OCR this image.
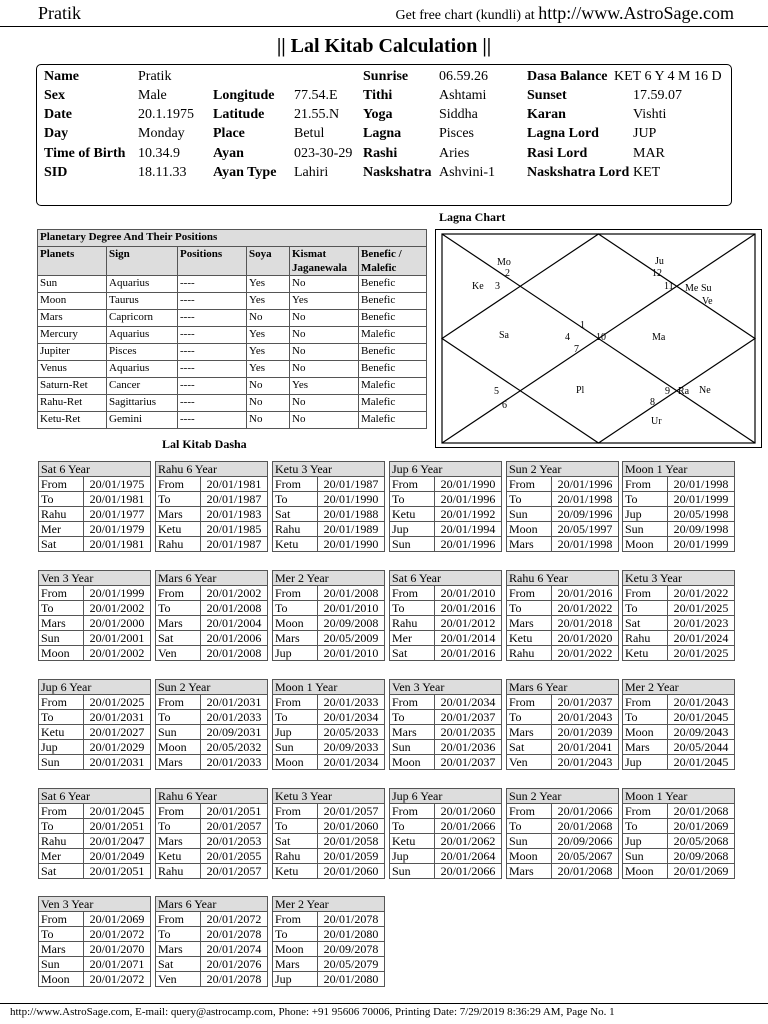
Pratik	Get free chart (kundli) at http://www.AstroSage.com
|| Lal Kitab Calculation ||
Name	Pratik
Sex	Male
Date	20.1.1975
Day	Monday
Time of Birth 10.34.9
SID	18.11.33
Longitude 77.54.E
Latitude 21.55.N
Place	Betul
Ayan	023-30-29
Ayan Type Lahiri
Sunrise 06.59.26
Tithi	Ashtami
Yoga	Siddha
Lagna	Pisces
Rashi	Aries
Naskshatra Ashvini-1
Dasa Balance KET 6 Y 4 M 16 D
Sunset	17.59.07
Karan	Vishti
Lagna Lord JUP
Rasi Lord	MAR
Naskshatra Lord KET
Lagna Chart
Planetary Degree And Their Positions					
Planets	Sign	Positions	Soya	Kismat Jaganewala	Benefic / Malefic
Sun	Aquarius	----	Yes	No	Benefic
Moon	Taurus	----	Yes	Yes	Benefic
Mars	Capricorn	----	No	No	Benefic
Mercury	Aquarius	----	Yes	No	Malefic
Jupiter	Pisces	----	Yes	No	Benefic
Venus	Aquarius	----	Yes	No	Benefic
Saturn-Ret	Cancer	----	No	Yes	Malefic
Rahu-Ret	Sagittarius	----	No	No	Malefic
Ketu-Ret	Gemini	----	No	No	Malefic
Mo
2
Ke 3
Ju
12
11 Me Su
Ve
Sa
1
4	10
7
Ma
5
6
Pl	9 Ra Ne
8
Ur
Lal Kitab Dasha
Sat 6 Year	
From	20/01/1975
To	20/01/1981
Rahu	20/01/1977
Mer	20/01/1979
Sat	20/01/1981
Rahu 6 Year	
From	20/01/1981
To	20/01/1987
Mars	20/01/1983
Ketu	20/01/1985
Rahu	20/01/1987
Ketu 3 Year	
From	20/01/1987
To	20/01/1990
Sat	20/01/1988
Rahu	20/01/1989
Ketu	20/01/1990
Jup 6 Year	
From	20/01/1990
To	20/01/1996
Ketu	20/01/1992
Jup	20/01/1994
Sun	20/01/1996
Sun 2 Year	
From	20/01/1996
To	20/01/1998
Sun	20/09/1996
Moon	20/05/1997
Mars	20/01/1998
Moon 1 Year	
From	20/01/1998
To	20/01/1999
Jup	20/05/1998
Sun	20/09/1998
Moon	20/01/1999
Ven 3 Year	
From	20/01/1999
To	20/01/2002
Mars	20/01/2000
Sun	20/01/2001
Moon	20/01/2002
Mars 6 Year	
From	20/01/2002
To	20/01/2008
Mars	20/01/2004
Sat	20/01/2006
Ven	20/01/2008
Mer 2 Year	
From	20/01/2008
To	20/01/2010
Moon	20/09/2008
Mars	20/05/2009
Jup	20/01/2010
Sat 6 Year	
From	20/01/2010
To	20/01/2016
Rahu	20/01/2012
Mer	20/01/2014
Sat	20/01/2016
Rahu 6 Year	
From	20/01/2016
To	20/01/2022
Mars	20/01/2018
Ketu	20/01/2020
Rahu	20/01/2022
Ketu 3 Year	
From	20/01/2022
To	20/01/2025
Sat	20/01/2023
Rahu	20/01/2024
Ketu	20/01/2025
Jup 6 Year	
From	20/01/2025
To	20/01/2031
Ketu	20/01/2027
Jup	20/01/2029
Sun	20/01/2031
Sun 2 Year	
From	20/01/2031
To	20/01/2033
Sun	20/09/2031
Moon	20/05/2032
Mars	20/01/2033
Moon 1 Year	
From	20/01/2033
To	20/01/2034
Jup	20/05/2033
Sun	20/09/2033
Moon	20/01/2034
Ven 3 Year	
From	20/01/2034
To	20/01/2037
Mars	20/01/2035
Sun	20/01/2036
Moon	20/01/2037
Mars 6 Year	
From	20/01/2037
To	20/01/2043
Mars	20/01/2039
Sat	20/01/2041
Ven	20/01/2043
Mer 2 Year	
From	20/01/2043
To	20/01/2045
Moon	20/09/2043
Mars	20/05/2044
Jup	20/01/2045
Sat 6 Year	
From	20/01/2045
To	20/01/2051
Rahu	20/01/2047
Mer	20/01/2049
Sat	20/01/2051
Rahu 6 Year	
From	20/01/2051
To	20/01/2057
Mars	20/01/2053
Ketu	20/01/2055
Rahu	20/01/2057
Ketu 3 Year	
From	20/01/2057
To	20/01/2060
Sat	20/01/2058
Rahu	20/01/2059
Ketu	20/01/2060
Jup 6 Year	
From	20/01/2060
To	20/01/2066
Ketu	20/01/2062
Jup	20/01/2064
Sun	20/01/2066
Sun 2 Year	
From	20/01/2066
To	20/01/2068
Sun	20/09/2066
Moon	20/05/2067
Mars	20/01/2068
Moon 1 Year	
From	20/01/2068
To	20/01/2069
Jup	20/05/2068
Sun	20/09/2068
Moon	20/01/2069
Ven 3 Year	
From	20/01/2069
To	20/01/2072
Mars	20/01/2070
Sun	20/01/2071
Moon	20/01/2072
Mars 6 Year	
From	20/01/2072
To	20/01/2078
Mars	20/01/2074
Sat	20/01/2076
Ven	20/01/2078
Mer 2 Year	
From	20/01/2078
To	20/01/2080
Moon	20/09/2078
Mars	20/05/2079
Jup	20/01/2080
http://www.AstroSage.com, E-mail: query@astrocamp.com, Phone: +91 95606 70006, Printing Date: 7/29/2019 8:36:29 AM, Page No. 1
